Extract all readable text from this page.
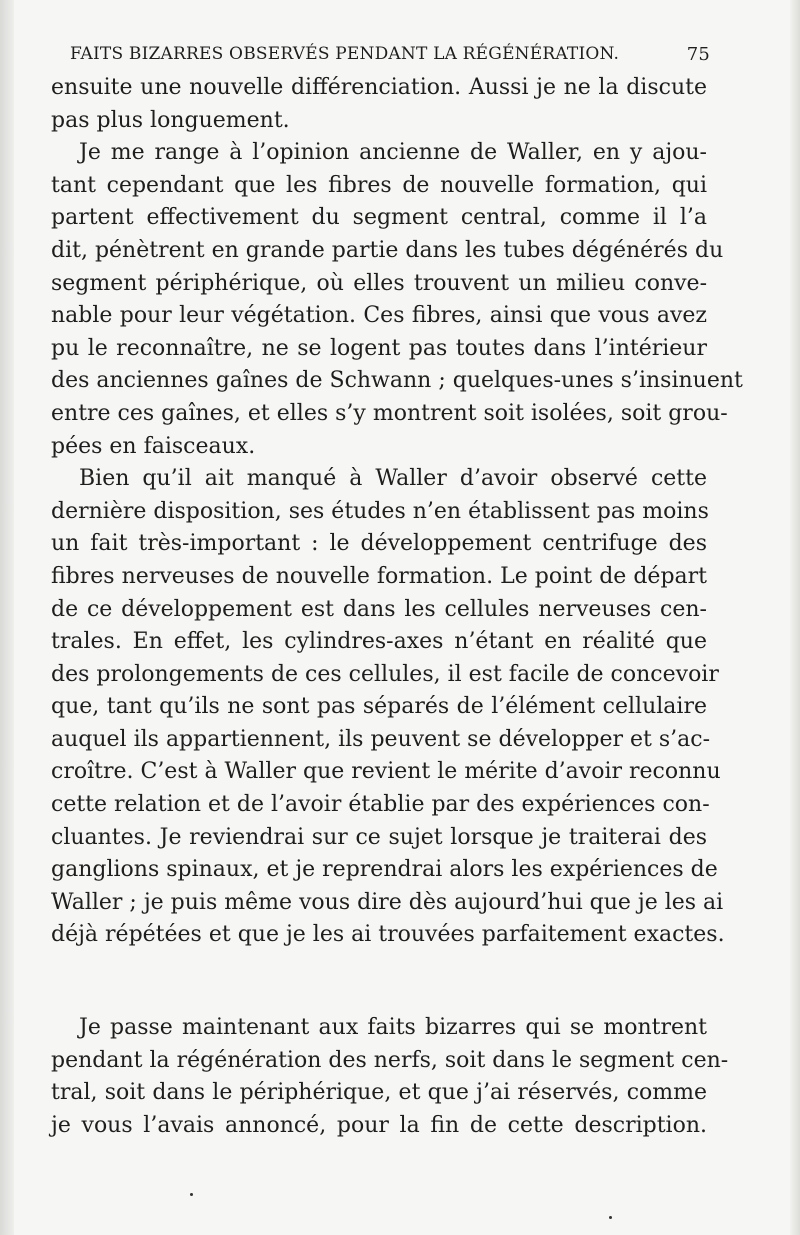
FAITS BIZARRES OBSERVÉS PENDANT LA RÉGÉNÉRATION.	75
ensuite une nouvelle différenciation. Aussi je ne la discute
pas plus longuement.
Je me range à l’opinion ancienne de Waller, en y ajou-
tant cependant que les fibres de nouvelle formation, qui
partent effectivement du segment central, comme il l’a
dit, pénètrent en grande partie dans les tubes dégénérés du
segment périphérique, où elles trouvent un milieu conve-
nable pour leur végétation. Ces fibres, ainsi que vous avez
pu le reconnaître, ne se logent pas toutes dans l’intérieur
des anciennes gaînes de Schwann ; quelques-unes s’insinuent
entre ces gaînes, et elles s’y montrent soit isolées, soit grou-
pées en faisceaux.
Bien qu’il ait manqué à Waller d’avoir observé cette
dernière disposition, ses études n’en établissent pas moins
un fait très-important : le développement centrifuge des
fibres nerveuses de nouvelle formation. Le point de départ
de ce développement est dans les cellules nerveuses cen-
trales. En effet, les cylindres-axes n’étant en réalité que
des prolongements de ces cellules, il est facile de concevoir
que, tant qu’ils ne sont pas séparés de l’élément cellulaire
auquel ils appartiennent, ils peuvent se développer et s’ac-
croître. C’est à Waller que revient le mérite d’avoir reconnu
cette relation et de l’avoir établie par des expériences con-
cluantes. Je reviendrai sur ce sujet lorsque je traiterai des
ganglions spinaux, et je reprendrai alors les expériences de
Waller ; je puis même vous dire dès aujourd’hui que je les ai
déjà répétées et que je les ai trouvées parfaitement exactes.
Je passe maintenant aux faits bizarres qui se montrent
pendant la régénération des nerfs, soit dans le segment cen-
tral, soit dans le périphérique, et que j’ai réservés, comme
je vous l’avais annoncé, pour la fin de cette description.
